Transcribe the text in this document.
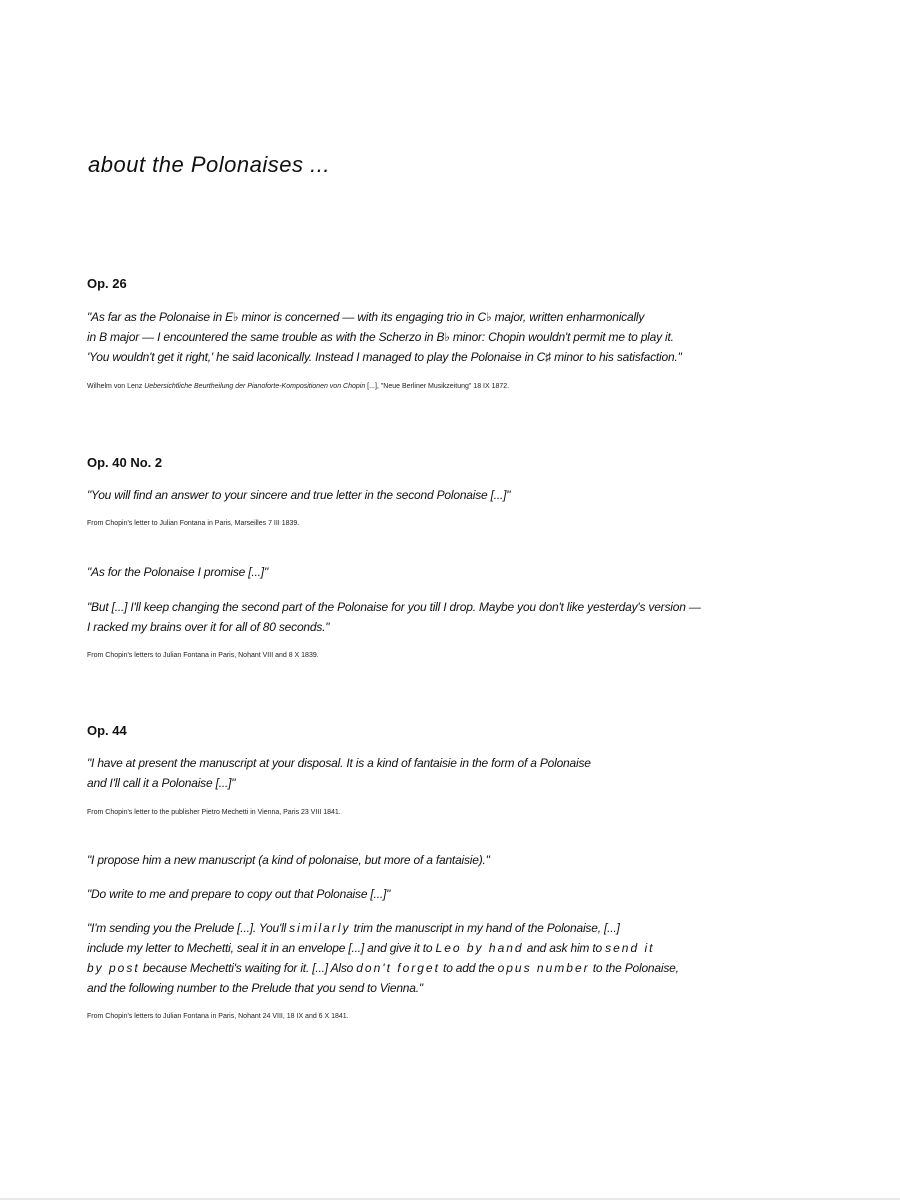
about the Polonaises ...
Op. 26

"As far as the Polonaise in E♭ minor is concerned — with its engaging trio in C♭ major, written enharmonically
in B major — I encountered the same trouble as with the Scherzo in B♭ minor: Chopin wouldn't permit me to play it.
'You wouldn't get it right,' he said laconically. Instead I managed to play the Polonaise in C♯ minor to his satisfaction."

Wilhelm von Lenz Uebersichtliche Beurtheilung der Pianoforte-Kompositionen von Chopin [...], "Neue Berliner Musikzeitung" 18 IX 1872.

Op. 40 No. 2

"You will find an answer to your sincere and true letter in the second Polonaise [...]"

From Chopin's letter to Julian Fontana in Paris, Marseilles 7 III 1839.

"As for the Polonaise I promise [...]"

"But [...] I'll keep changing the second part of the Polonaise for you till I drop. Maybe you don't like yesterday's version —
I racked my brains over it for all of 80 seconds."

From Chopin's letters to Julian Fontana in Paris, Nohant VIII and 8 X 1839.

Op. 44

"I have at present the manuscript at your disposal. It is a kind of fantaisie in the form of a Polonaise
and I'll call it a Polonaise [...]"

From Chopin's letter to the publisher Pietro Mechetti in Vienna, Paris 23 VIII 1841.

"I propose him a new manuscript (a kind of polonaise, but more of a fantaisie)."

"Do write to me and prepare to copy out that Polonaise [...]"

"I'm sending you the Prelude [...]. You'll similarly trim the manuscript in my hand of the Polonaise, [...]
include my letter to Mechetti, seal it in an envelope [...] and give it to Leo by hand and ask him to send it
by post because Mechetti's waiting for it. [...] Also don't forget to add the opus number to the Polonaise,
and the following number to the Prelude that you send to Vienna."

From Chopin's letters to Julian Fontana in Paris, Nohant 24 VIII, 18 IX and 6 X 1841.
